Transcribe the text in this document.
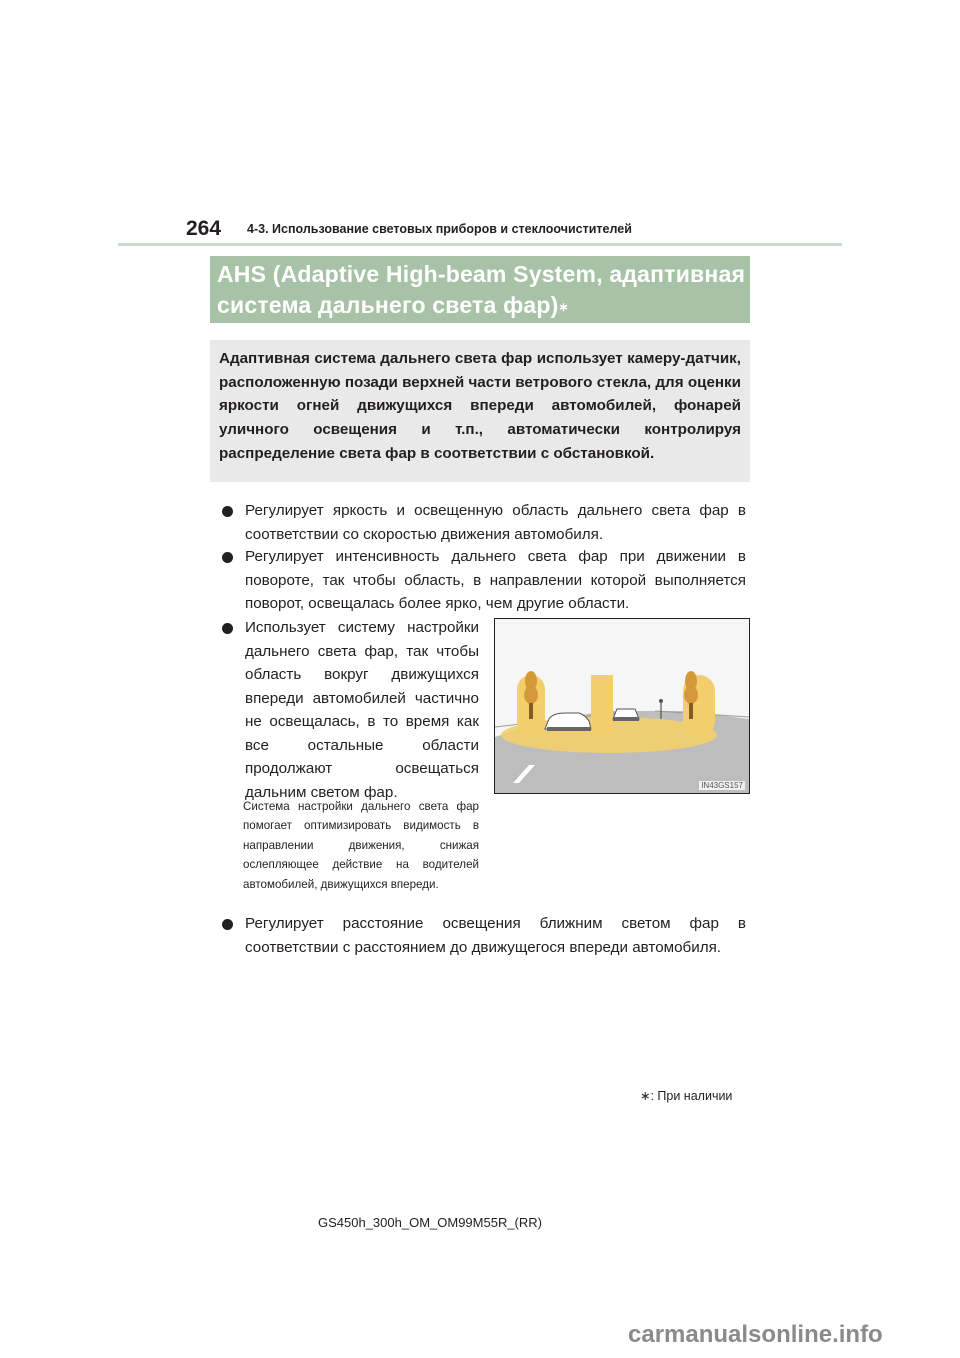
264 4-3. Использование световых приборов и стеклоочистителей
AHS (Adaptive High-beam System, адаптивная
система дальнего света фар)∗

Адаптивная система дальнего света фар использует камеру-датчик, расположенную позади верхней части ветрового стекла, для оценки яркости огней движущихся впереди автомобилей, фонарей уличного освещения и т.п., автоматически контролируя распределение света фар в соответствии с обстановкой.

Регулирует яркость и освещенную область дальнего света фар в соответствии со скоростью движения автомобиля.
Регулирует интенсивность дальнего света фар при движении в повороте, так чтобы область, в направлении которой выполняется поворот, освещалась более ярко, чем другие области.
Использует систему настройки дальнего света фар, так чтобы область вокруг движущихся впереди автомобилей частично не освещалась, в то время как все остальные области продолжают освещаться дальним светом фар.
Система настройки дальнего света фар помогает оптимизировать видимость в направлении движения, снижая ослепляющее действие на водителей автомобилей, движущихся впереди.
IN43GS157
Регулирует расстояние освещения ближним светом фар в соответствии с расстоянием до движущегося впереди автомобиля.
∗: При наличии
GS450h_300h_OM_OM99M55R_(RR)
carmanualsonline.info
